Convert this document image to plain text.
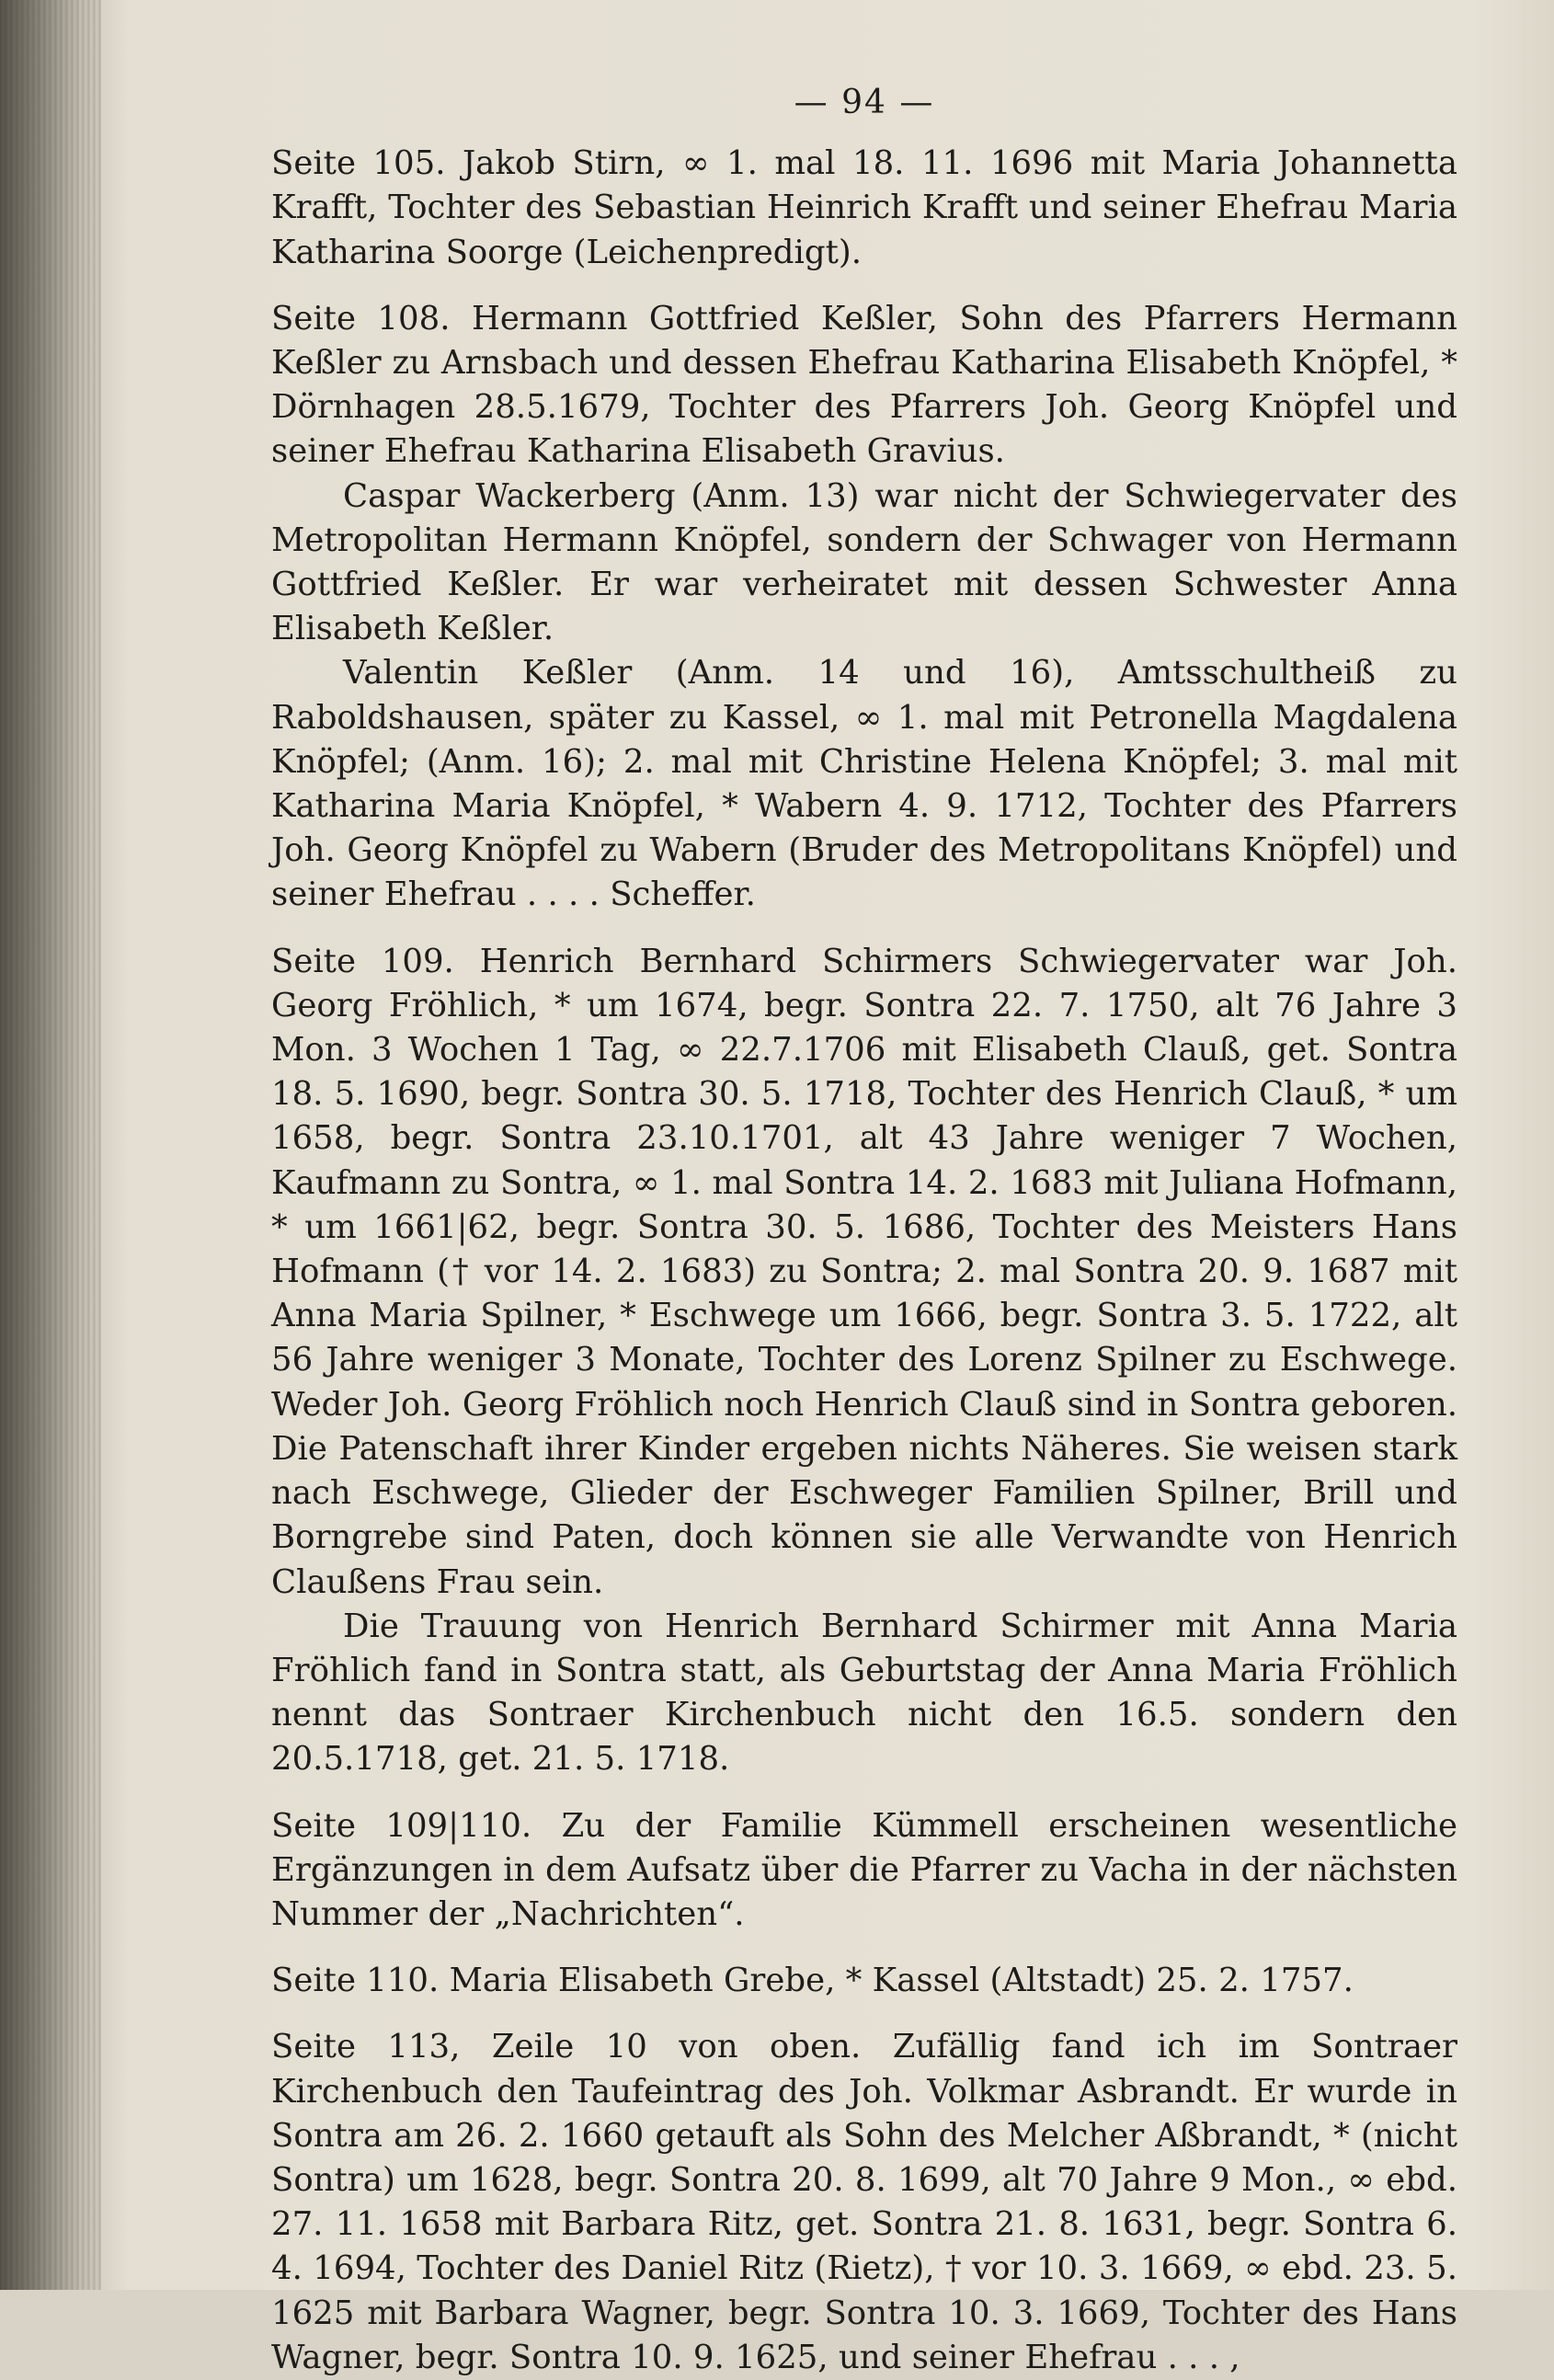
— 94 —

Seite 105. Jakob Stirn, ∞ 1. mal 18. 11. 1696 mit Maria Johannetta Krafft, Tochter des Sebastian Heinrich Krafft und seiner Ehefrau Maria Katharina Soorge (Leichenpredigt).

Seite 108. Hermann Gottfried Keßler, Sohn des Pfarrers Hermann Keßler zu Arnsbach und dessen Ehefrau Katharina Elisabeth Knöpfel, * Dörnhagen 28.5.1679, Tochter des Pfarrers Joh. Georg Knöpfel und seiner Ehefrau Katharina Elisabeth Gravius.

Caspar Wackerberg (Anm. 13) war nicht der Schwiegervater des Metropolitan Hermann Knöpfel, sondern der Schwager von Hermann Gottfried Keßler. Er war verheiratet mit dessen Schwester Anna Elisabeth Keßler.

Valentin Keßler (Anm. 14 und 16), Amtsschultheiß zu Raboldshausen, später zu Kassel, ∞ 1. mal mit Petronella Magdalena Knöpfel; (Anm. 16); 2. mal mit Christine Helena Knöpfel; 3. mal mit Katharina Maria Knöpfel, * Wabern 4. 9. 1712, Tochter des Pfarrers Joh. Georg Knöpfel zu Wabern (Bruder des Metropolitans Knöpfel) und seiner Ehefrau . . . . Scheffer.

Seite 109. Henrich Bernhard Schirmers Schwiegervater war Joh. Georg Fröhlich, * um 1674, begr. Sontra 22. 7. 1750, alt 76 Jahre 3 Mon. 3 Wochen 1 Tag, ∞ 22.7.1706 mit Elisabeth Clauß, get. Sontra 18. 5. 1690, begr. Sontra 30. 5. 1718, Tochter des Henrich Clauß, * um 1658, begr. Sontra 23.10.1701, alt 43 Jahre weniger 7 Wochen, Kaufmann zu Sontra, ∞ 1. mal Sontra 14. 2. 1683 mit Juliana Hofmann, * um 1661|62, begr. Sontra 30. 5. 1686, Tochter des Meisters Hans Hofmann († vor 14. 2. 1683) zu Sontra; 2. mal Sontra 20. 9. 1687 mit Anna Maria Spilner, * Eschwege um 1666, begr. Sontra 3. 5. 1722, alt 56 Jahre weniger 3 Monate, Tochter des Lorenz Spilner zu Eschwege. Weder Joh. Georg Fröhlich noch Henrich Clauß sind in Sontra geboren. Die Patenschaft ihrer Kinder ergeben nichts Näheres. Sie weisen stark nach Eschwege, Glieder der Eschweger Familien Spilner, Brill und Borngrebe sind Paten, doch können sie alle Verwandte von Henrich Claußens Frau sein.

Die Trauung von Henrich Bernhard Schirmer mit Anna Maria Fröhlich fand in Sontra statt, als Geburtstag der Anna Maria Fröhlich nennt das Sontraer Kirchenbuch nicht den 16.5. sondern den 20.5.1718, get. 21. 5. 1718.

Seite 109|110. Zu der Familie Kümmell erscheinen wesentliche Ergänzungen in dem Aufsatz über die Pfarrer zu Vacha in der nächsten Nummer der „Nachrichten“.

Seite 110. Maria Elisabeth Grebe, * Kassel (Altstadt) 25. 2. 1757.

Seite 113, Zeile 10 von oben. Zufällig fand ich im Sontraer Kirchenbuch den Taufeintrag des Joh. Volkmar Asbrandt. Er wurde in Sontra am 26. 2. 1660 getauft als Sohn des Melcher Aßbrandt, * (nicht Sontra) um 1628, begr. Sontra 20. 8. 1699, alt 70 Jahre 9 Mon., ∞ ebd. 27. 11. 1658 mit Barbara Ritz, get. Sontra 21. 8. 1631, begr. Sontra 6. 4. 1694, Tochter des Daniel Ritz (Rietz), † vor 10. 3. 1669, ∞ ebd. 23. 5. 1625 mit Barbara Wagner, begr. Sontra 10. 3. 1669, Tochter des Hans Wagner, begr. Sontra 10. 9. 1625, und seiner Ehefrau . . . ,
